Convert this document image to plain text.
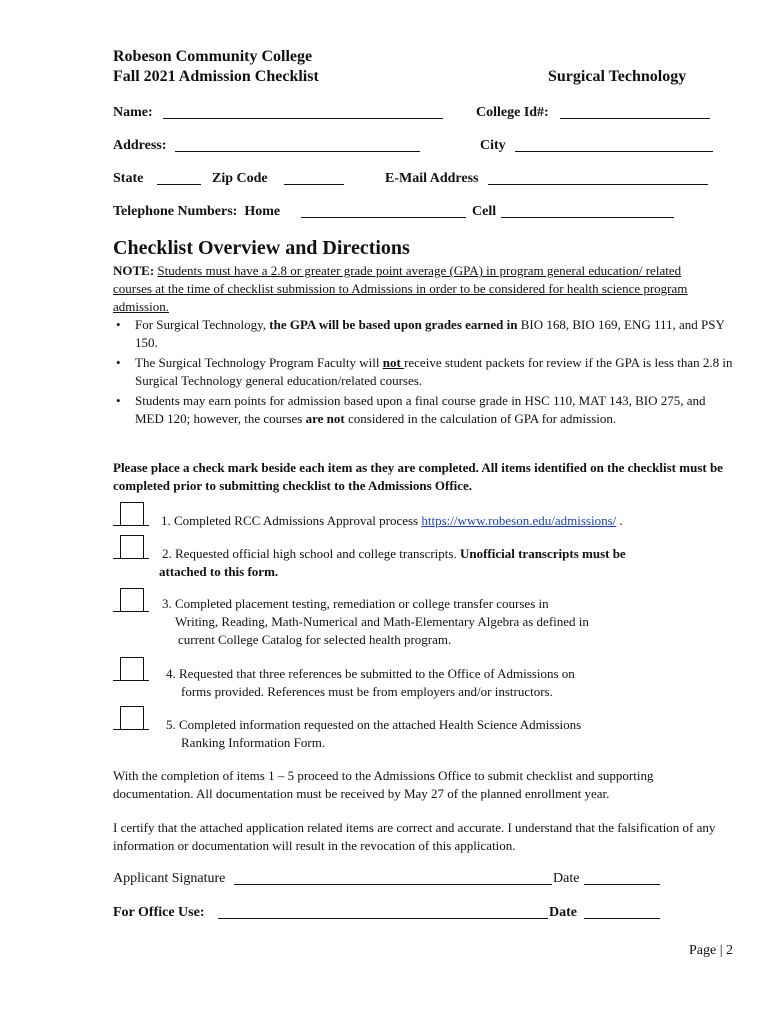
Robeson Community College
Fall 2021 Admission Checklist	Surgical Technology
Name:	College Id#:
Address:	City
State	Zip Code	E-Mail Address
Telephone Numbers: Home	Cell
Checklist Overview and Directions
NOTE: Students must have a 2.8 or greater grade point average (GPA) in program general education/ related courses at the time of checklist submission to Admissions in order to be considered for health science program admission.
• For Surgical Technology, the GPA will be based upon grades earned in BIO 168, BIO 169, ENG 111, and PSY 150.
• The Surgical Technology Program Faculty will not receive student packets for review if the GPA is less than 2.8 in Surgical Technology general education/related courses.
• Students may earn points for admission based upon a final course grade in HSC 110, MAT 143, BIO 275, and MED 120; however, the courses are not considered in the calculation of GPA for admission.
Please place a check mark beside each item as they are completed. All items identified on the checklist must be completed prior to submitting checklist to the Admissions Office.
1. Completed RCC Admissions Approval process https://www.robeson.edu/admissions/ .
2. Requested official high school and college transcripts. Unofficial transcripts must be
attached to this form.
3. Completed placement testing, remediation or college transfer courses in
Writing, Reading, Math-Numerical and Math-Elementary Algebra as defined in
current College Catalog for selected health program.
4. Requested that three references be submitted to the Office of Admissions on
forms provided. References must be from employers and/or instructors.
5. Completed information requested on the attached Health Science Admissions
Ranking Information Form.
With the completion of items 1 – 5 proceed to the Admissions Office to submit checklist and supporting documentation. All documentation must be received by May 27 of the planned enrollment year.
I certify that the attached application related items are correct and accurate. I understand that the falsification of any information or documentation will result in the revocation of this application.
Applicant Signature	Date
For Office Use:	Date
Page | 2
